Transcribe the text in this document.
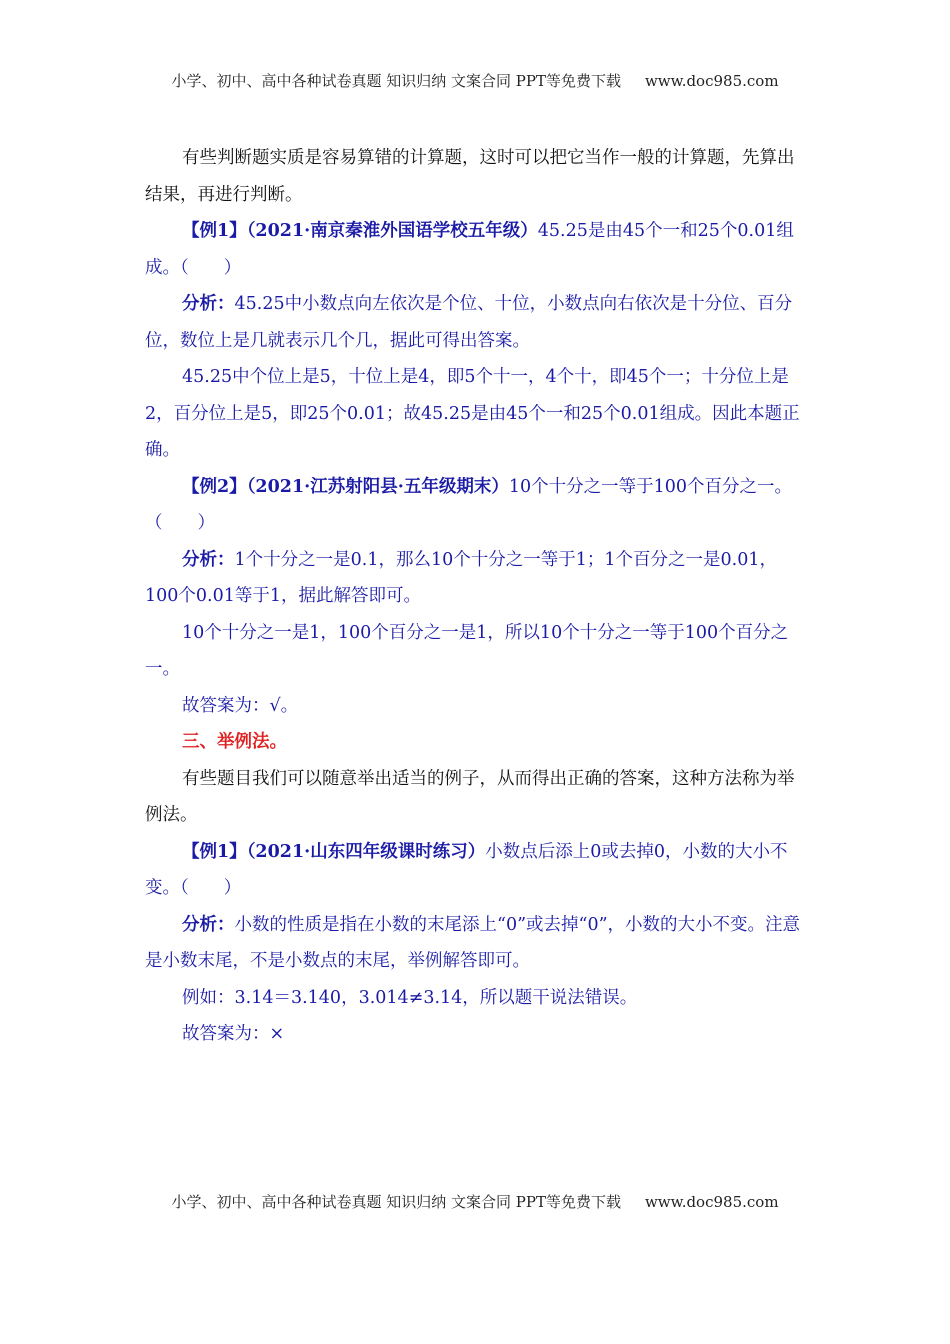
小学、初中、高中各种试卷真题 知识归纳 文案合同 PPT等免费下载 www.doc985.com

有些判断题实质是容易算错的计算题，这时可以把它当作一般的计算题，先算出结果，再进行判断。

【例1】（2021·南京秦淮外国语学校五年级）45.25是由45个一和25个0.01组成。（　　）

分析：45.25中小数点向左依次是个位、十位，小数点向右依次是十分位、百分位，数位上是几就表示几个几，据此可得出答案。

45.25中个位上是5，十位上是4，即5个十一，4个十，即45个一；十分位上是2，百分位上是5，即25个0.01；故45.25是由45个一和25个0.01组成。因此本题正确。

【例2】（2021·江苏射阳县·五年级期末）10个十分之一等于100个百分之一。（　　）

分析：1个十分之一是0.1，那么10个十分之一等于1；1个百分之一是0.01，100个0.01等于1，据此解答即可。

10个十分之一是1，100个百分之一是1，所以10个十分之一等于100个百分之一。

故答案为：√。

三、举例法。

有些题目我们可以随意举出适当的例子，从而得出正确的答案，这种方法称为举例法。

【例1】（2021·山东四年级课时练习）小数点后添上0或去掉0，小数的大小不变。（　　）

分析：小数的性质是指在小数的末尾添上“0”或去掉“0”，小数的大小不变。注意是小数末尾，不是小数点的末尾，举例解答即可。

例如：3.14＝3.140，3.014≠3.14，所以题干说法错误。

故答案为：×

小学、初中、高中各种试卷真题 知识归纳 文案合同 PPT等免费下载 www.doc985.com
